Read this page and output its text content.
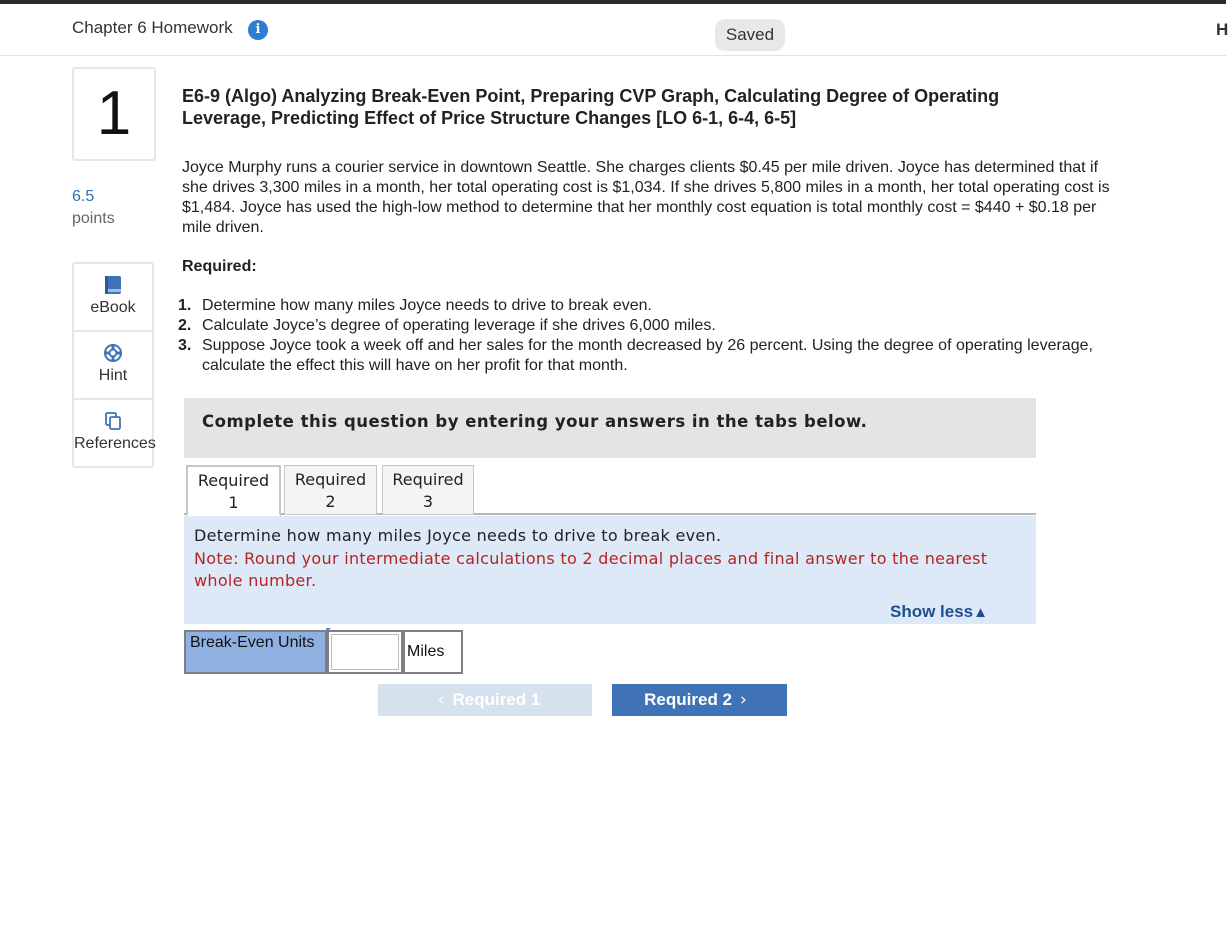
Chapter 6 Homework	i	Saved	H
1
6.5
points
eBook
Hint
References
E6-9 (Algo) Analyzing Break-Even Point, Preparing CVP Graph, Calculating Degree of Operating Leverage, Predicting Effect of Price Structure Changes [LO 6-1, 6-4, 6-5]
Joyce Murphy runs a courier service in downtown Seattle. She charges clients $0.45 per mile driven. Joyce has determined that if she drives 3,300 miles in a month, her total operating cost is $1,034. If she drives 5,800 miles in a month, her total operating cost is $1,484. Joyce has used the high-low method to determine that her monthly cost equation is total monthly cost = $440 + $0.18 per mile driven.
Required:
1. Determine how many miles Joyce needs to drive to break even.
2. Calculate Joyce’s degree of operating leverage if she drives 6,000 miles.
3. Suppose Joyce took a week off and her sales for the month decreased by 26 percent. Using the degree of operating leverage, calculate the effect this will have on her profit for that month.
Complete this question by entering your answers in the tabs below.
Required
1
Required
2
Required
3
Determine how many miles Joyce needs to drive to break even.
Note: Round your intermediate calculations to 2 decimal places and final answer to the nearest whole number.
Show less▲
Break-Even Units
Miles
‹ Required 1	Required 2 ›
